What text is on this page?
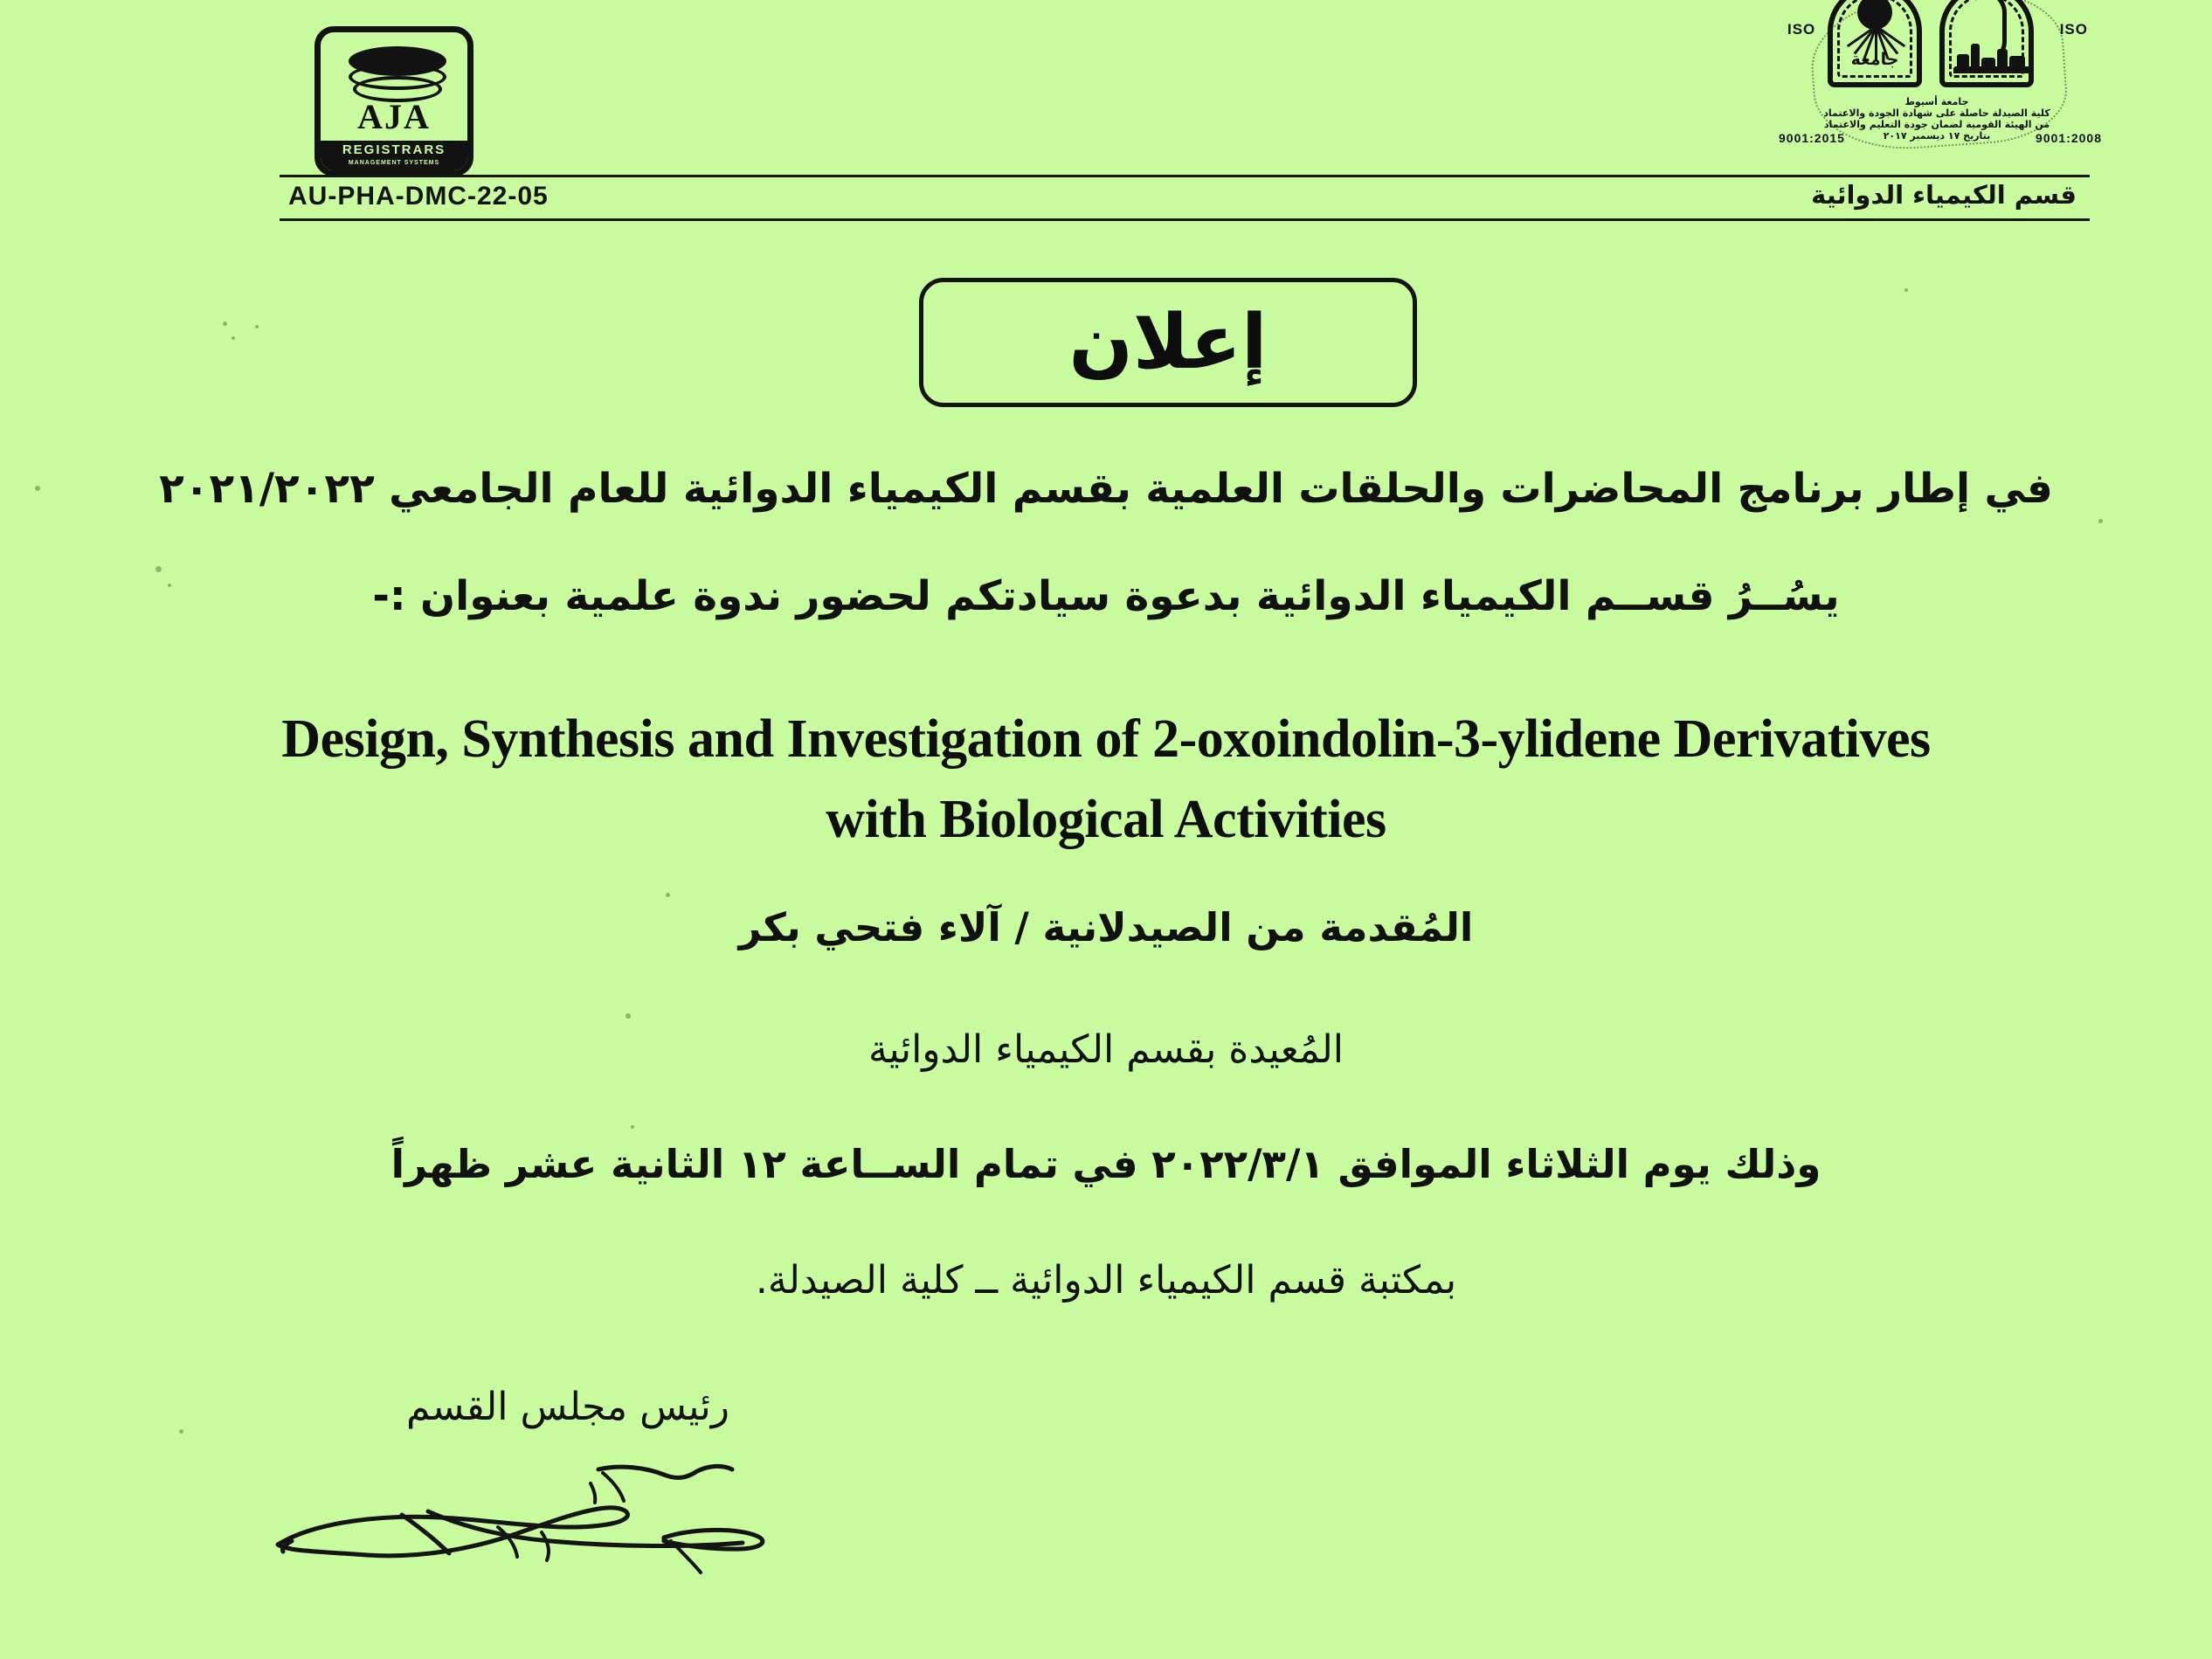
AJA
REGISTRARS
MANAGEMENT SYSTEMS
جامعة
ISO	ISO
جامعة أسيوط
كلية الصيدلة حاصلة على شهادة الجودة والاعتماد
من الهيئة القومية لضمان جودة التعليم والاعتماد
بتاريخ ١٧ ديسمبر ٢٠١٧
9001:2015	9001:2008
AU-PHA-DMC-22-05	قسم الكيمياء الدوائية
إعلان
في إطار برنامج المحاضرات والحلقات العلمية بقسم الكيمياء الدوائية للعام الجامعي ٢٠٢١/٢٠٢٢
يسُــرُ قســم الكيمياء الدوائية بدعوة سيادتكم لحضور ندوة علمية بعنوان :-
Design, Synthesis and Investigation of 2-oxoindolin-3-ylidene Derivatives
with Biological Activities
المُقدمة من الصيدلانية / آلاء فتحي بكر
المُعيدة بقسم الكيمياء الدوائية
وذلك يوم الثلاثاء الموافق ٢٠٢٢/٣/١ في تمام الســاعة ١٢ الثانية عشر ظهراً
بمكتبة قسم الكيمياء الدوائية ــ كلية الصيدلة.
رئيس مجلس القسم
